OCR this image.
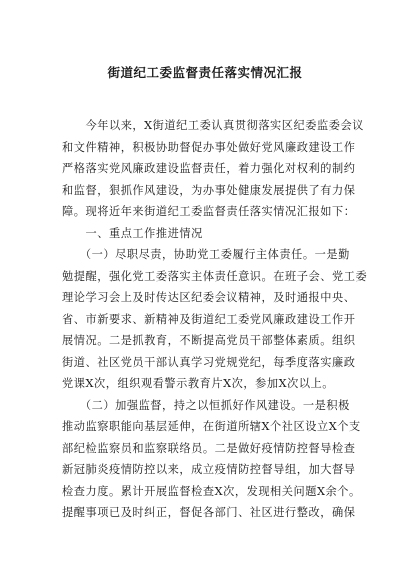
街道纪工委监督责任落实情况汇报
　　今年以来，X街道纪工委认真贯彻落实区纪委监委会议
和文件精神，积极协助督促办事处做好党风廉政建设工作
严格落实党风廉政建设监督责任，着力强化对权利的制约
和监督，狠抓作风建设，为办事处健康发展提供了有力保
障。现将近年来街道纪工委监督责任落实情况汇报如下：
　　一、重点工作推进情况
　　（一）尽职尽责，协助党工委履行主体责任。一是勤
勉提醒，强化党工委落实主体责任意识。在班子会、党工委
理论学习会上及时传达区纪委会议精神，及时通报中央、
省、市新要求、新精神及街道纪工委党风廉政建设工作开
展情况。二是抓教育，不断提高党员干部整体素质。组织
街道、社区党员干部认真学习党规党纪，每季度落实廉政
党课X次，组织观看警示教育片X次，参加X次以上。
　　（二）加强监督，持之以恒抓好作风建设。一是积极
推动监察职能向基层延伸，在街道所辖X个社区设立X个支
部纪检监察员和监察联络员。二是做好疫情防控督导检查
新冠肺炎疫情防控以来，成立疫情防控督导组，加大督导
检查力度。累计开展监督检查X次，发现相关问题X余个。
提醒事项已及时纠正，督促各部门、社区进行整改，确保
